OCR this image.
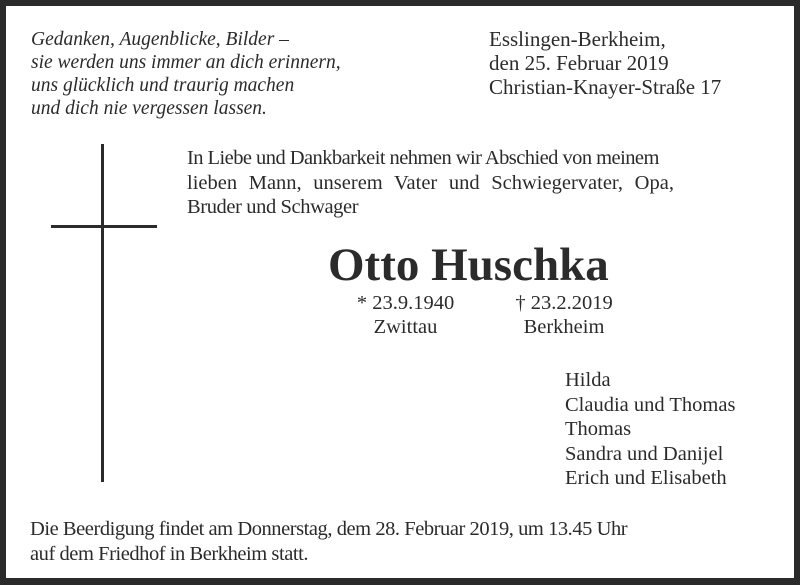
Gedanken, Augenblicke, Bilder –
sie werden uns immer an dich erinnern,
uns glücklich und traurig machen
und dich nie vergessen lassen.
Esslingen-Berkheim,
den 25. Februar 2019
Christian-Knayer-Straße 17
In Liebe und Dankbarkeit nehmen wir Abschied von meinem
lieben Mann, unserem Vater und Schwiegervater, Opa,
Bruder und Schwager
Otto Huschka
* 23.9.1940
Zwittau
† 23.2.2019
Berkheim
Hilda
Claudia und Thomas
Thomas
Sandra und Danijel
Erich und Elisabeth
Die Beerdigung findet am Donnerstag, dem 28. Februar 2019, um 13.45 Uhr
auf dem Friedhof in Berkheim statt.
